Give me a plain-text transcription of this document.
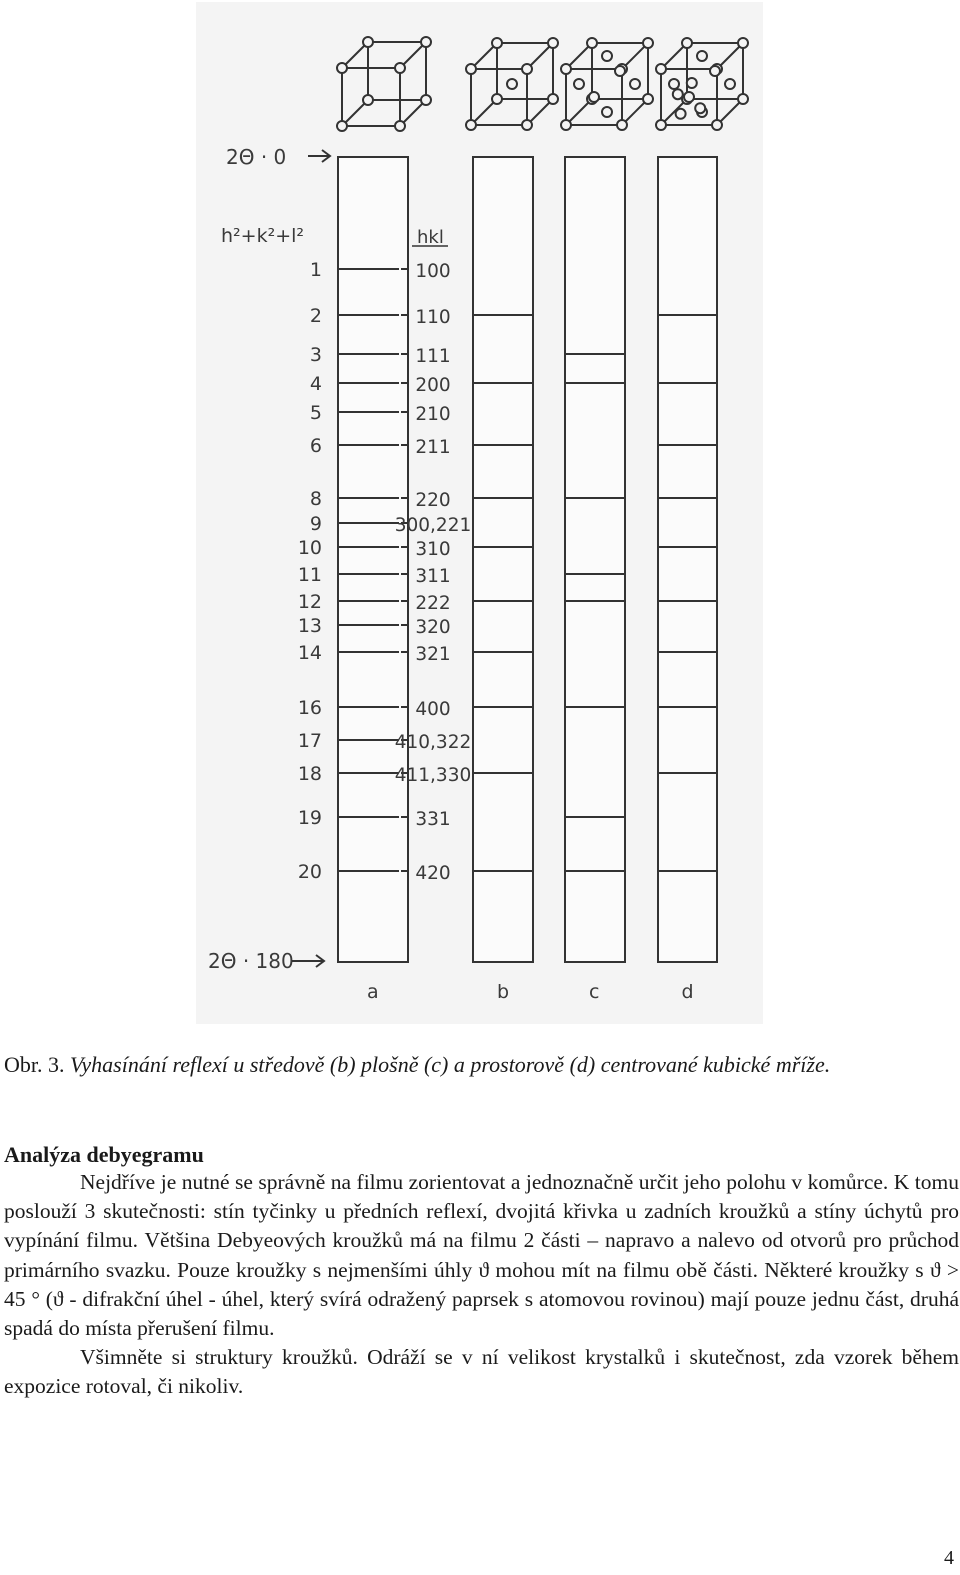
a	b	c	d
1	100
2	110
3	111
4	200
5	210
6	211
8	220
9	300,221
10	310
11	311
12	222
13	320
14	321
16	400
17	410,322
18	411,330
19	331
20	420
2Θ · 0
2Θ · 180
h²+k²+l²	hkl
Obr. 3. Vyhasínání reflexí u středově (b) plošně (c) a prostorově (d) centrované kubické mříže.
Analýza debyegramu

Nejdříve je nutné se správně na filmu zorientovat a jednoznačně určit jeho polohu v komůrce. K tomu poslouží 3 skutečnosti: stín tyčinky u předních reflexí, dvojitá křivka u zadních kroužků a stíny úchytů pro vypínání filmu. Většina Debyeových kroužků má na filmu 2 části – napravo a nalevo od otvorů pro průchod primárního svazku. Pouze kroužky s nejmenšími úhly ϑ mohou mít na filmu obě části. Některé kroužky s ϑ > 45 ° (ϑ - difrakční úhel - úhel, který svírá odražený paprsek s atomovou rovinou) mají pouze jednu část, druhá spadá do místa přerušení filmu.

Všimněte si struktury kroužků. Odráží se v ní velikost krystalků i skutečnost, zda vzorek během expozice rotoval, či nikoliv.

4
